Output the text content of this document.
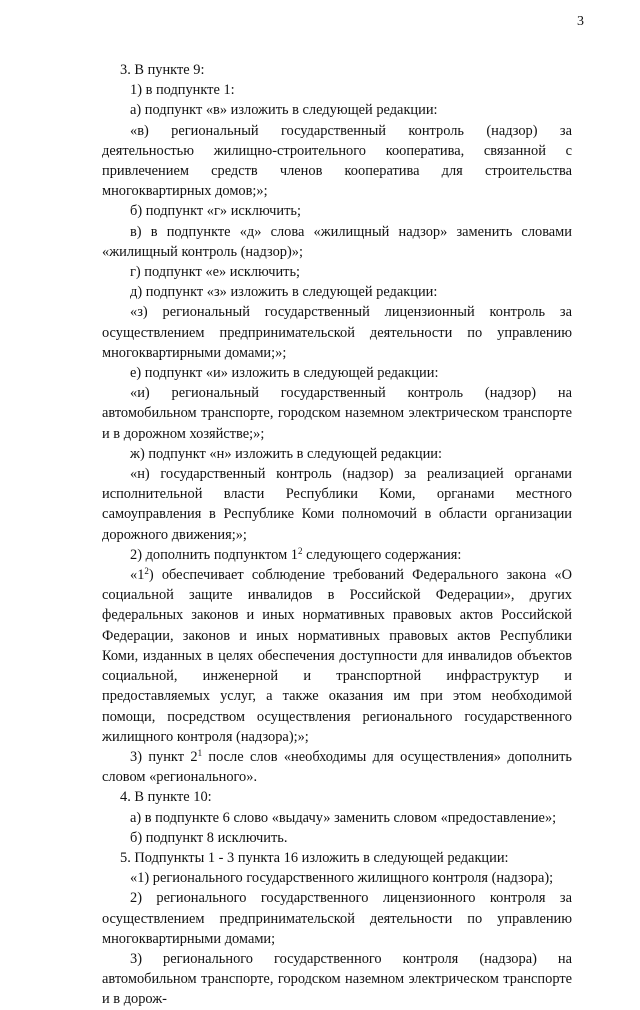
3

3. В пункте 9:

1) в подпункте 1:

а) подпункт «в» изложить в следующей редакции:

«в) региональный государственный контроль (надзор) за деятельностью жилищно-строительного кооператива, связанной с привлечением средств членов кооператива для строительства многоквартирных домов;»;

б) подпункт «г» исключить;

в) в подпункте «д» слова «жилищный надзор» заменить словами «жилищный контроль (надзор)»;

г) подпункт «е» исключить;

д) подпункт «з» изложить в следующей редакции:

«з) региональный государственный лицензионный контроль за осуществлением предпринимательской деятельности по управлению многоквартирными домами;»;

е) подпункт «и» изложить в следующей редакции:

«и) региональный государственный контроль (надзор) на автомобильном транспорте, городском наземном электрическом транспорте и в дорожном хозяйстве;»;

ж) подпункт «н» изложить в следующей редакции:

«н) государственный контроль (надзор) за реализацией органами исполнительной власти Республики Коми, органами местного самоуправления в Республике Коми полномочий в области организации дорожного движения;»;

2) дополнить подпунктом $1^2$ следующего содержания:

«$1^2$) обеспечивает соблюдение требований Федерального закона «О социальной защите инвалидов в Российской Федерации», других федеральных законов и иных нормативных правовых актов Российской Федерации, законов и иных нормативных правовых актов Республики Коми, изданных в целях обеспечения доступности для инвалидов объектов социальной, инженерной и транспортной инфраструктур и предоставляемых услуг, а также оказания им при этом необходимой помощи, посредством осуществления регионального государственного жилищного контроля (надзора);»;

3) пункт $2^1$ после слов «необходимы для осуществления» дополнить словом «регионального».

4. В пункте 10:

а) в подпункте 6 слово «выдачу» заменить словом «предоставление»;

б) подпункт 8 исключить.

5. Подпункты 1 - 3 пункта 16 изложить в следующей редакции:

«1) регионального государственного жилищного контроля (надзора);

2) регионального государственного лицензионного контроля за осуществлением предпринимательской деятельности по управлению многоквартирными домами;

3) регионального государственного контроля (надзора) на автомобильном транспорте, городском наземном электрическом транспорте и в дорож-
